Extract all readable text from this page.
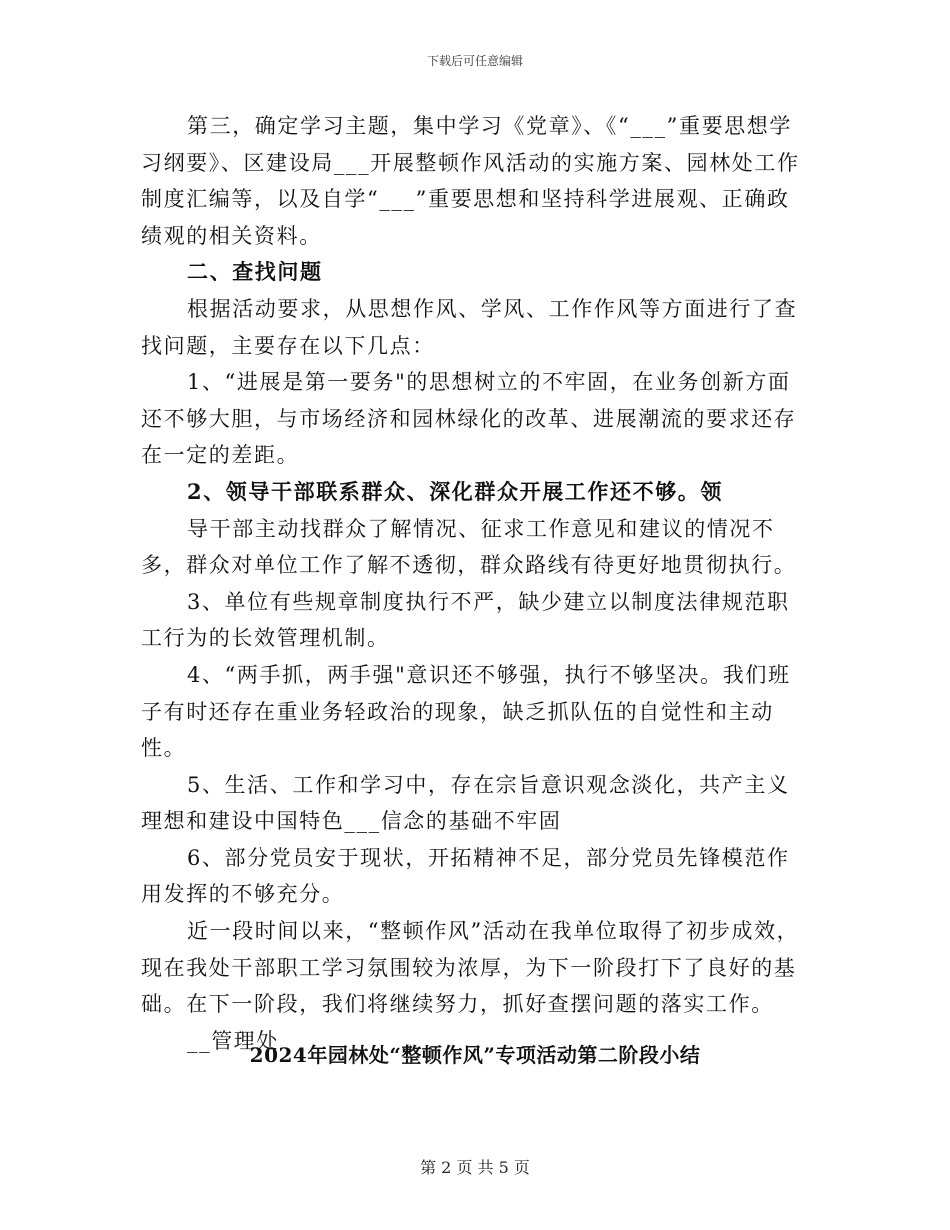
下载后可任意编辑

第三，确定学习主题，集中学习《党章》、《“___”重要思想学习纲要》、区建设局___开展整顿作风活动的实施方案、园林处工作制度汇编等，以及自学“___”重要思想和坚持科学进展观、正确政绩观的相关资料。

二、查找问题

根据活动要求，从思想作风、学风、工作作风等方面进行了查找问题，主要存在以下几点：

1、“进展是第一要务"的思想树立的不牢固，在业务创新方面还不够大胆，与市场经济和园林绿化的改革、进展潮流的要求还存在一定的差距。

2、领导干部联系群众、深化群众开展工作还不够。领

导干部主动找群众了解情况、征求工作意见和建议的情况不多，群众对单位工作了解不透彻，群众路线有待更好地贯彻执行。

3、单位有些规章制度执行不严，缺少建立以制度法律规范职工行为的长效管理机制。

4、“两手抓，两手强"意识还不够强，执行不够坚决。我们班子有时还存在重业务轻政治的现象，缺乏抓队伍的自觉性和主动性。

5、生活、工作和学习中，存在宗旨意识观念淡化，共产主义理想和建设中国特色___信念的基础不牢固

6、部分党员安于现状，开拓精神不足，部分党员先锋模范作用发挥的不够充分。

近一段时间以来，“整顿作风”活动在我单位取得了初步成效，现在我处干部职工学习氛围较为浓厚，为下一阶段打下了良好的基础。在下一阶段，我们将继续努力，抓好查摆问题的落实工作。

__管理处

2024年园林处“整顿作风”专项活动第二阶段小结
第 2 页 共 5 页
